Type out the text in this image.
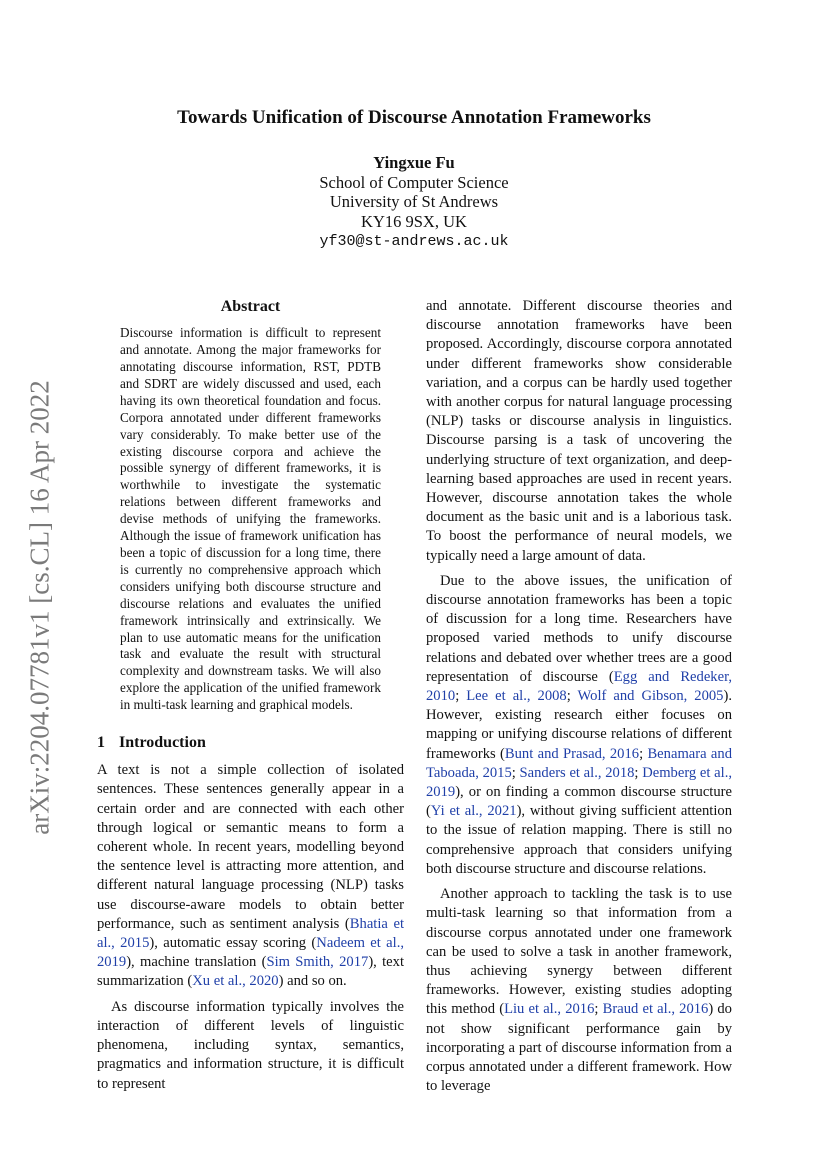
arXiv:2204.07781v1 [cs.CL] 16 Apr 2022
Towards Unification of Discourse Annotation Frameworks
Yingxue Fu
School of Computer Science
University of St Andrews
KY16 9SX, UK
yf30@st-andrews.ac.uk
Abstract
Discourse information is difficult to represent and annotate. Among the major frameworks for annotating discourse information, RST, PDTB and SDRT are widely discussed and used, each having its own theoretical foundation and focus. Corpora annotated under different frameworks vary considerably. To make better use of the existing discourse corpora and achieve the possible synergy of different frameworks, it is worthwhile to investigate the systematic relations between different frameworks and devise methods of unifying the frameworks. Although the issue of framework unification has been a topic of discussion for a long time, there is currently no comprehensive approach which considers unifying both discourse structure and discourse relations and evaluates the unified framework intrinsically and extrinsically. We plan to use automatic means for the unification task and evaluate the result with structural complexity and downstream tasks. We will also explore the application of the unified framework in multi-task learning and graphical models.
1 Introduction

A text is not a simple collection of isolated sentences. These sentences generally appear in a certain order and are connected with each other through logical or semantic means to form a coherent whole. In recent years, modelling beyond the sentence level is attracting more attention, and different natural language processing (NLP) tasks use discourse-aware models to obtain better performance, such as sentiment analysis (Bhatia et al., 2015), automatic essay scoring (Nadeem et al., 2019), machine translation (Sim Smith, 2017), text summarization (Xu et al., 2020) and so on.

As discourse information typically involves the interaction of different levels of linguistic phenomena, including syntax, semantics, pragmatics and information structure, it is difficult to represent

and annotate. Different discourse theories and discourse annotation frameworks have been proposed. Accordingly, discourse corpora annotated under different frameworks show considerable variation, and a corpus can be hardly used together with another corpus for natural language processing (NLP) tasks or discourse analysis in linguistics. Discourse parsing is a task of uncovering the underlying structure of text organization, and deep-learning based approaches are used in recent years. However, discourse annotation takes the whole document as the basic unit and is a laborious task. To boost the performance of neural models, we typically need a large amount of data.

Due to the above issues, the unification of discourse annotation frameworks has been a topic of discussion for a long time. Researchers have proposed varied methods to unify discourse relations and debated over whether trees are a good representation of discourse (Egg and Redeker, 2010; Lee et al., 2008; Wolf and Gibson, 2005). However, existing research either focuses on mapping or unifying discourse relations of different frameworks (Bunt and Prasad, 2016; Benamara and Taboada, 2015; Sanders et al., 2018; Demberg et al., 2019), or on finding a common discourse structure (Yi et al., 2021), without giving sufficient attention to the issue of relation mapping. There is still no comprehensive approach that considers unifying both discourse structure and discourse relations.

Another approach to tackling the task is to use multi-task learning so that information from a discourse corpus annotated under one framework can be used to solve a task in another framework, thus achieving synergy between different frameworks. However, existing studies adopting this method (Liu et al., 2016; Braud et al., 2016) do not show significant performance gain by incorporating a part of discourse information from a corpus annotated under a different framework. How to leverage
